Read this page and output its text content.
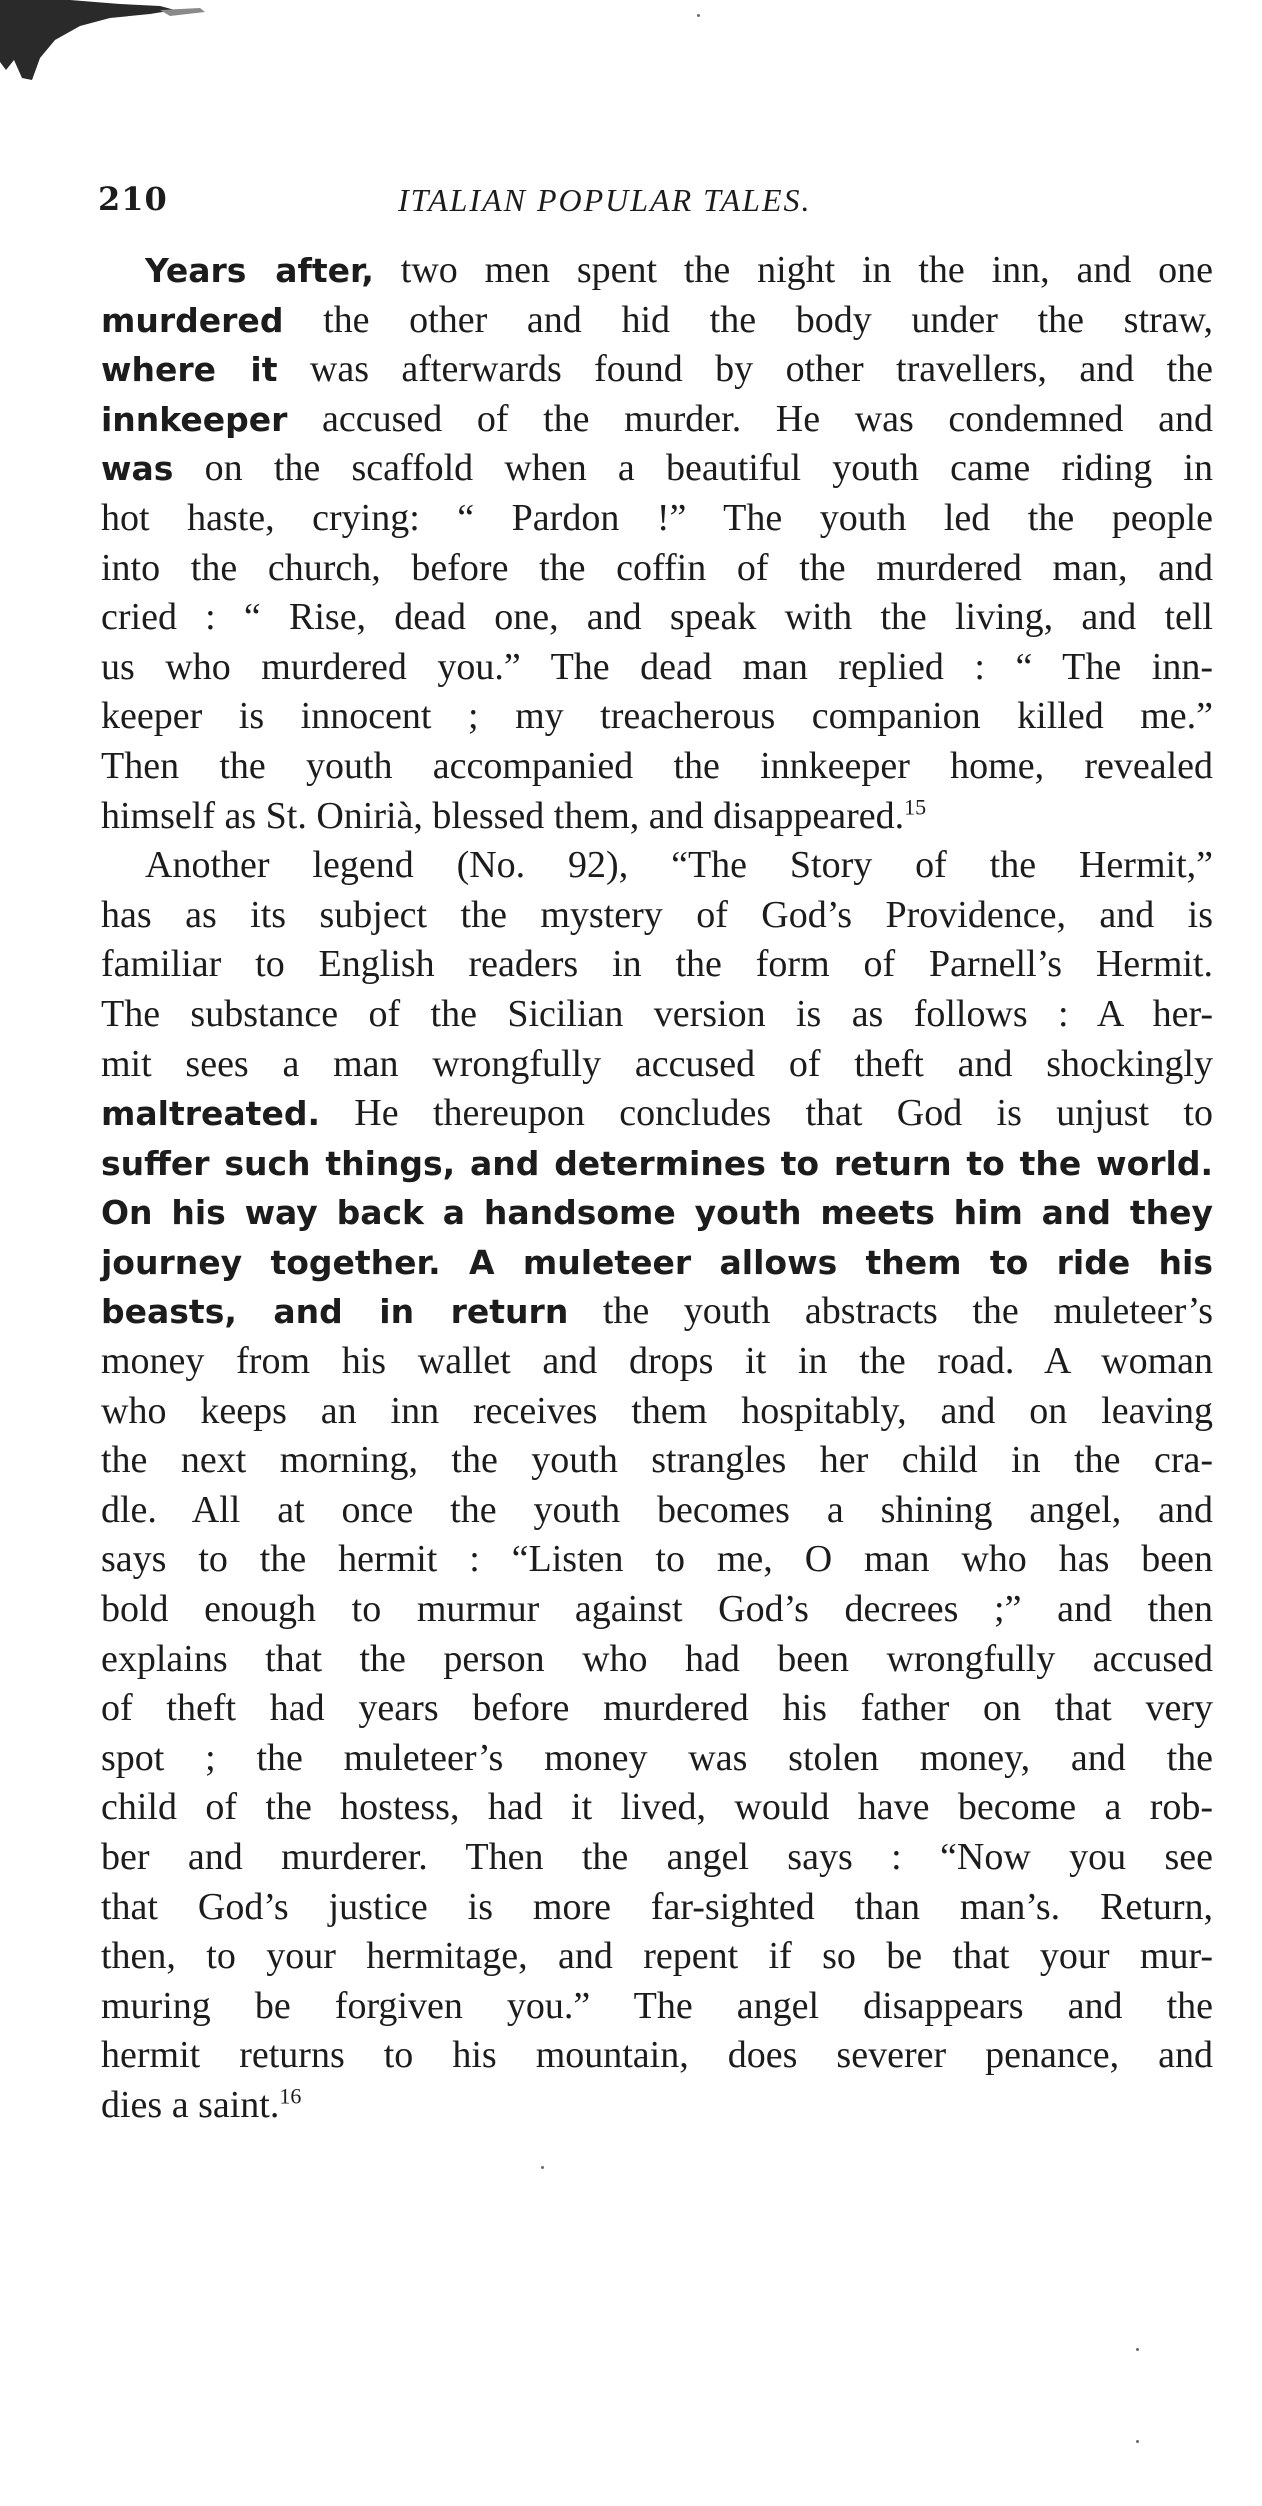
210	ITALIAN POPULAR TALES.

Years after, two men spent the night in the inn, and one

murdered the other and hid the body under the straw,

where it was afterwards found by other travellers, and the

innkeeper accused of the murder. He was condemned and

was on the scaffold when a beautiful youth came riding in

hot haste, crying: “ Pardon !” The youth led the people

into the church, before the coffin of the murdered man, and

cried : “ Rise, dead one, and speak with the living, and tell

us who murdered you.” The dead man replied : “ The inn-

keeper is innocent ; my treacherous companion killed me.”

Then the youth accompanied the innkeeper home, revealed

himself as St. Onirià, blessed them, and disappeared.$^{15}$

Another legend (No. 92), “The Story of the Hermit,”

has as its subject the mystery of God’s Providence, and is

familiar to English readers in the form of Parnell’s Hermit.

The substance of the Sicilian version is as follows : A her-

mit sees a man wrongfully accused of theft and shockingly

maltreated. He thereupon concludes that God is unjust to

suffer such things, and determines to return to the world.

On his way back a handsome youth meets him and they

journey together. A muleteer allows them to ride his

beasts, and in return the youth abstracts the muleteer’s

money from his wallet and drops it in the road. A woman

who keeps an inn receives them hospitably, and on leaving

the next morning, the youth strangles her child in the cra-

dle. All at once the youth becomes a shining angel, and

says to the hermit : “Listen to me, O man who has been

bold enough to murmur against God’s decrees ;” and then

explains that the person who had been wrongfully accused

of theft had years before murdered his father on that very

spot ; the muleteer’s money was stolen money, and the

child of the hostess, had it lived, would have become a rob-

ber and murderer. Then the angel says : “Now you see

that God’s justice is more far-sighted than man’s. Return,

then, to your hermitage, and repent if so be that your mur-

muring be forgiven you.” The angel disappears and the

hermit returns to his mountain, does severer penance, and

dies a saint.$^{16}$
